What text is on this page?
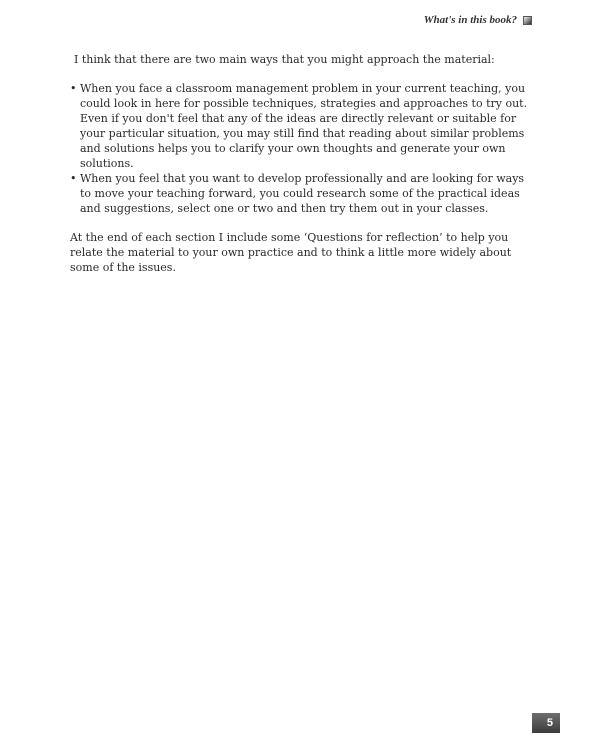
What's in this book?

I think that there are two main ways that you might approach the material:

• When you face a classroom management problem in your current teaching, you could look in here for possible techniques, strategies and approaches to try out. Even if you don't feel that any of the ideas are directly relevant or suitable for your particular situation, you may still find that reading about similar problems and solutions helps you to clarify your own thoughts and generate your own solutions.
• When you feel that you want to develop professionally and are looking for ways to move your teaching forward, you could research some of the practical ideas and suggestions, select one or two and then try them out in your classes.

At the end of each section I include some ‘Questions for reflection’ to help you relate the material to your own practice and to think a little more widely about some of the issues.

5
